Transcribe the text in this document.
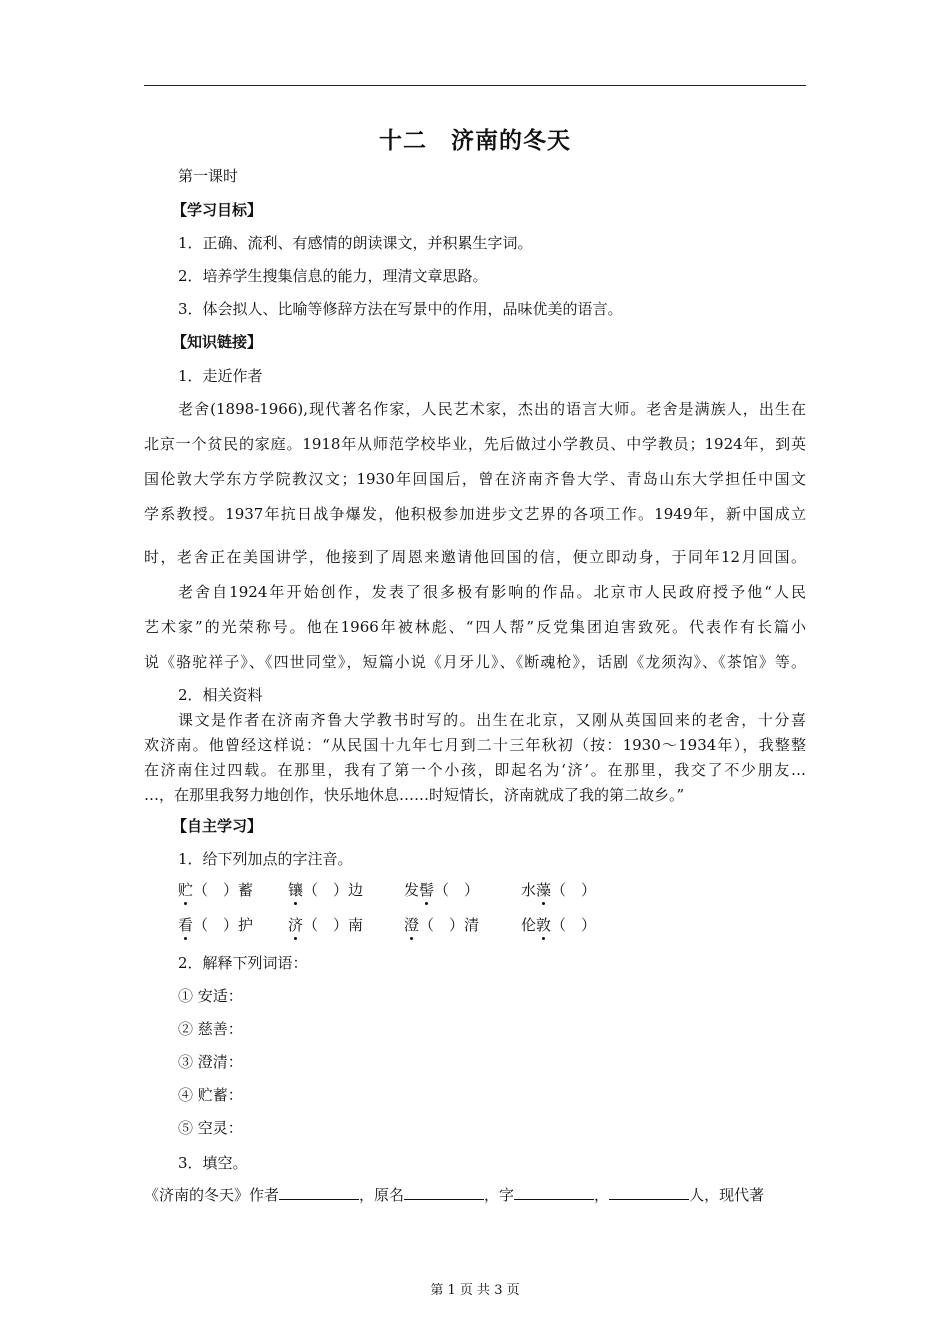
十二　济南的冬天
第一课时
【学习目标】
1．正确、流利、有感情的朗读课文，并积累生字词。
2．培养学生搜集信息的能力，理清文章思路。
3．体会拟人、比喻等修辞方法在写景中的作用，品味优美的语言。
【知识链接】
1．走近作者
老舍(1898-1966),现代著名作家，人民艺术家，杰出的语言大师。老舍是满族人，出生在
北京一个贫民的家庭。1918年从师范学校毕业，先后做过小学教员、中学教员；1924年，到英
国伦敦大学东方学院教汉文；1930年回国后，曾在济南齐鲁大学、青岛山东大学担任中国文
学系教授。1937年抗日战争爆发，他积极参加进步文艺界的各项工作。1949年，新中国成立
时，老舍正在美国讲学，他接到了周恩来邀请他回国的信，便立即动身，于同年12月回国。
老舍自1924年开始创作，发表了很多极有影响的作品。北京市人民政府授予他“人民
艺术家”的光荣称号。他在1966年被林彪、“四人帮”反党集团迫害致死。代表作有长篇小
说《骆驼祥子》、《四世同堂》，短篇小说《月牙儿》、《断魂枪》，话剧《龙须沟》、《茶馆》等。
2．相关资料
课文是作者在济南齐鲁大学教书时写的。出生在北京，又刚从英国回来的老舍，十分喜
欢济南。他曾经这样说：“从民国十九年七月到二十三年秋初（按：1930～1934年），我整整
在济南住过四载。在那里，我有了第一个小孩，即起名为‘济’。在那里，我交了不少朋友…
…，在那里我努力地创作，快乐地休息……时短情长，济南就成了我的第二故乡。”
【自主学习】
1．给下列加点的字注音。
贮（　）蓄 镶（　）边	发髻（　）	水藻（　）
看（　）护 济（　）南	澄（　）清	伦敦（　）
2．解释下列词语：
① 安适：
② 慈善：
③ 澄清：
④ 贮蓄：
⑤ 空灵：
3．填空。
《济南的冬天》作者	，原名	，字	，	人，现代著
第 1 页 共 3 页
